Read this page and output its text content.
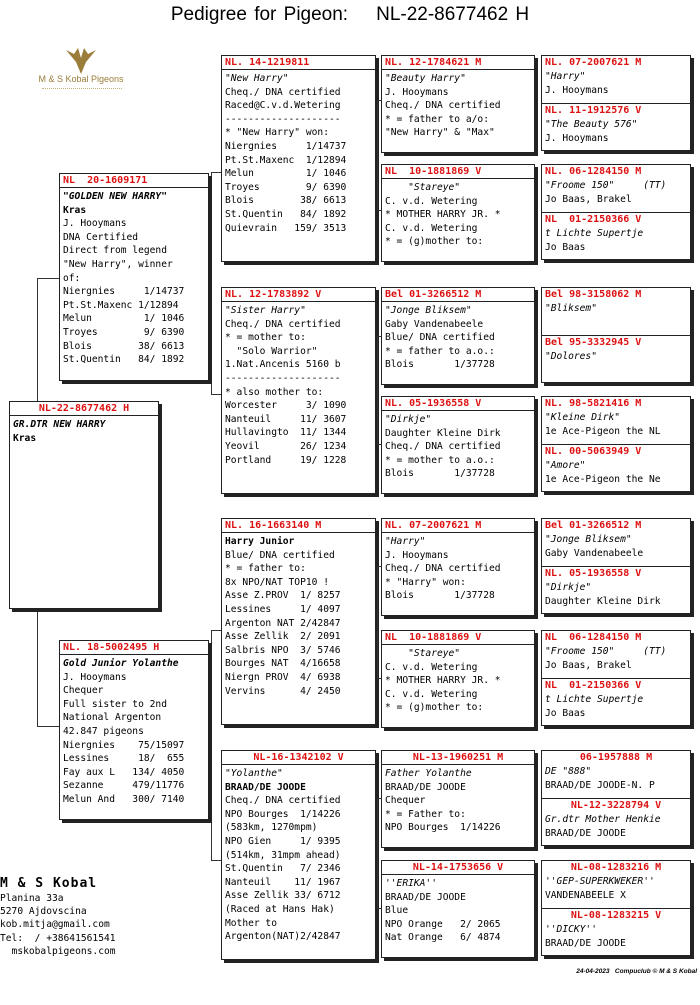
Pedigree for Pigeon: NL-22-8677462 H
M & S Kobal Pigeons
NL-22-8677462 H
GR.DTR NEW HARRY
Kras
NL  20-1609171
"GOLDEN NEW HARRY"
Kras
J. Hooymans
DNA Certified
Direct from legend
"New Harry", winner
of:
Niergnies     1/14737
Pt.St.Maxenc 1/12894
Melun         1/ 1046
Troyes        9/ 6390
Blois        38/ 6613
St.Quentin   84/ 1892
NL. 18-5002495 H
Gold Junior Yolanthe
J. Hooymans
Chequer
Full sister to 2nd
National Argenton
42.847 pigeons
Niergnies    75/15097
Lessines     18/  655
Fay aux L   134/ 4050
Sezanne     479/11776
Melun And   300/ 7140
NL. 14-1219811
"New Harry"
Cheq./ DNA certified
Raced@C.v.d.Wetering
--------------------
* "New Harry" won:
Niergnies     1/14737
Pt.St.Maxenc  1/12894
Melun         1/ 1046
Troyes        9/ 6390
Blois        38/ 6613
St.Quentin   84/ 1892
Quievrain   159/ 3513
NL. 12-1783892 V
"Sister Harry"
Cheq./ DNA certified
* = mother to:
"Solo Warrior"
1.Nat.Ancenis 5160 b
--------------------
* also mother to:
Worcester     3/ 1090
Nanteuil     11/ 3607
Hullavingto  11/ 1344
Yeovil       26/ 1234
Portland     19/ 1228
NL. 16-1663140 M
Harry Junior
Blue/ DNA certified
* = father to:
8x NPO/NAT TOP10 !
Asse Z.PROV  1/ 8257
Lessines     1/ 4097
Argenton NAT 2/42847
Asse Zellik  2/ 2091
Salbris NPO  3/ 5746
Bourges NAT  4/16658
Niergn PROV  4/ 6938
Vervins      4/ 2450
NL-16-1342102 V
"Yolanthe"
BRAAD/DE JOODE
Cheq./ DNA certified
NPO Bourges  1/14226
(583km, 1270mpm)
NPO Gien     1/ 9395
(514km, 31mpm ahead)
St.Quentin   7/ 2346
Nanteuil    11/ 1967
Asse Zellik 33/ 6712
(Raced at Hans Hak)
Mother to
Argenton(NAT)2/42847
NL. 12-1784621 M
"Beauty Harry"
J. Hooymans
Cheq./ DNA certified
* = father to a/o:
"New Harry" & "Max"
NL  10-1881869 V
"Stareye"
C. v.d. Wetering
* MOTHER HARRY JR. *
C. v.d. Wetering
* = (g)mother to:
Bel 01-3266512 M
"Jonge Bliksem"
Gaby Vandenabeele
Blue/ DNA certified
* = father to a.o.:
Blois       1/37728
NL. 05-1936558 V
"Dirkje"
Daughter Kleine Dirk
Cheq./ DNA certified
* = mother to a.o.:
Blois       1/37728
NL. 07-2007621 M
"Harry"
J. Hooymans
Cheq./ DNA certified
* "Harry" won:
Blois       1/37728
NL  10-1881869 V
"Stareye"
C. v.d. Wetering
* MOTHER HARRY JR. *
C. v.d. Wetering
* = (g)mother to:
NL-13-1960251 M
Father Yolanthe
BRAAD/DE JOODE
Chequer
* = Father to:
NPO Bourges  1/14226
NL-14-1753656 V
''ERIKA''
BRAAD/DE JOODE
Blue
NPO Orange   2/ 2065
Nat Orange   6/ 4874
NL. 07-2007621 M
"Harry"
J. Hooymans
NL. 11-1912576 V
"The Beauty 576"
J. Hooymans
NL. 06-1284150 M
"Froome 150"     (TT)
Jo Baas, Brakel
NL  01-2150366 V
t Lichte Supertje
Jo Baas
Bel 98-3158062 M
"Bliksem"
Bel 95-3332945 V
"Dolores"
NL. 98-5821416 M
"Kleine Dirk"
1e Ace-Pigeon the NL
NL. 00-5063949 V
"Amore"
1e Ace-Pigeon the Ne
Bel 01-3266512 M
"Jonge Bliksem"
Gaby Vandenabeele
NL. 05-1936558 V
"Dirkje"
Daughter Kleine Dirk
NL  06-1284150 M
"Froome 150"     (TT)
Jo Baas, Brakel
NL  01-2150366 V
t Lichte Supertje
Jo Baas
06-1957888 M
DE "888"
BRAAD/DE JOODE-N. P
NL-12-3228794 V
Gr.dtr Mother Henkie
BRAAD/DE JOODE
NL-08-1283216 M
''GEP-SUPERKWEKER''
VANDENABEELE X
NL-08-1283215 V
''DICKY''
BRAAD/DE JOODE
M & S Kobal
Planina 33a
5270 Ajdovscina
kob.mitja@gmail.com
Tel:  / +38641561541
mskobalpigeons.com
24-04-2023   Compuclub © M & S Kobal
